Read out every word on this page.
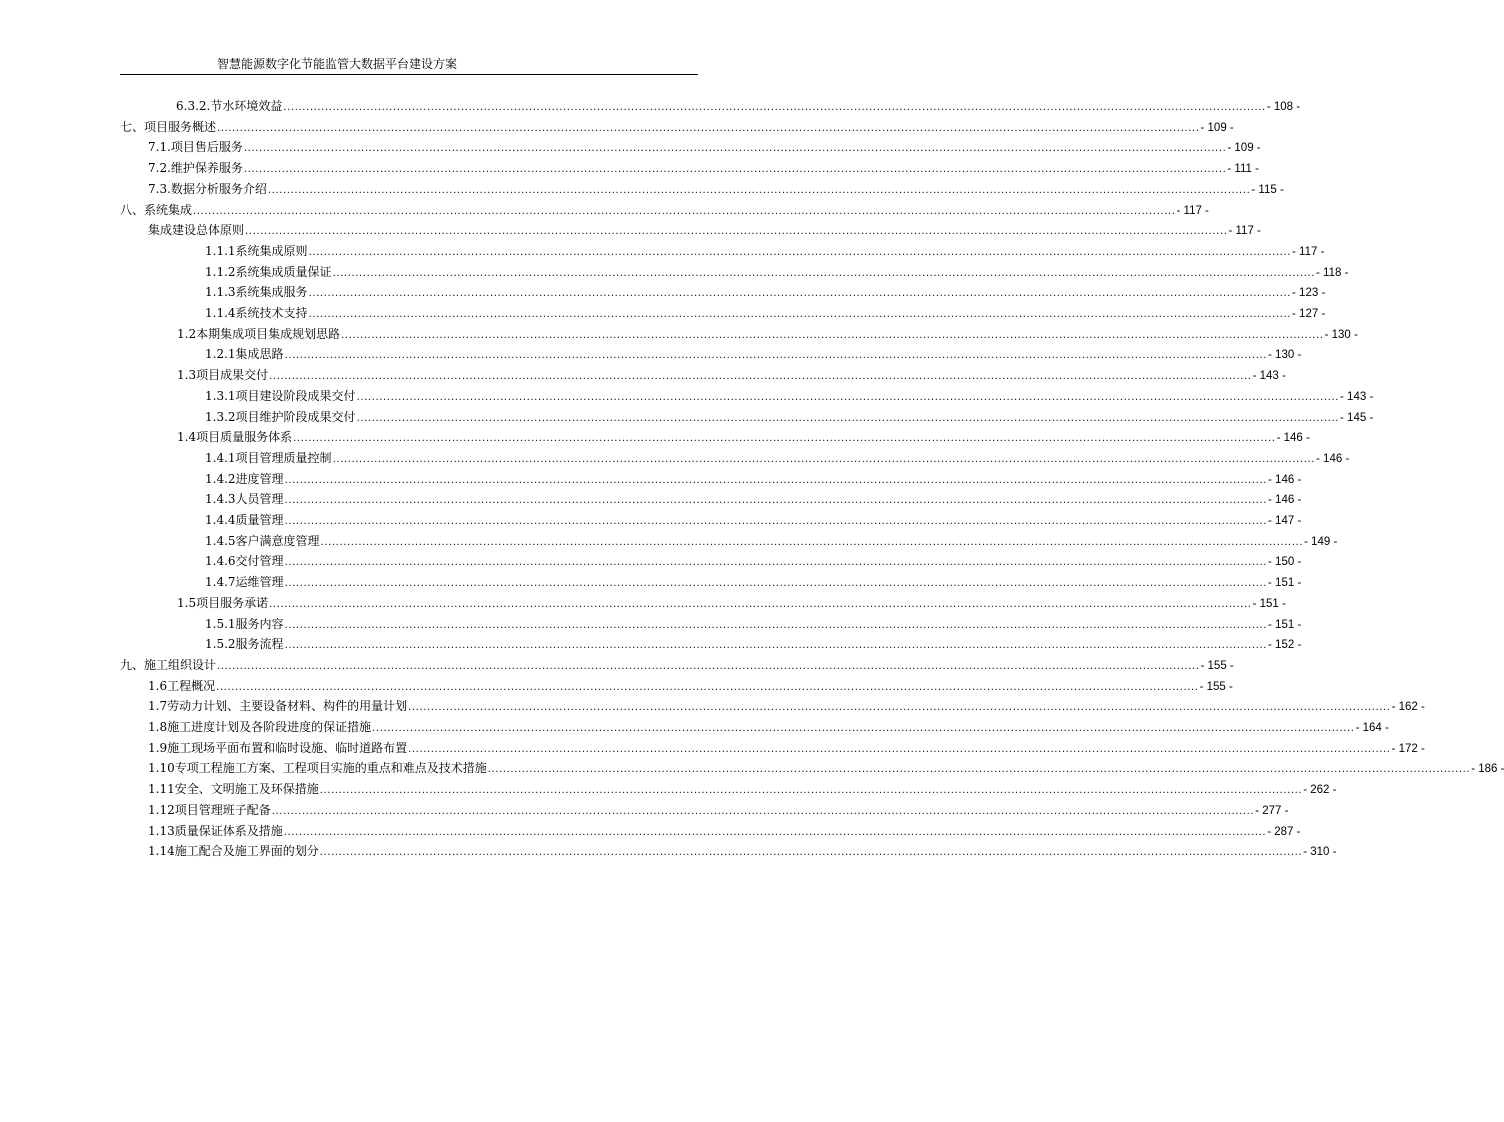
智慧能源数字化节能监管大数据平台建设方案
6.3.2. 节水环境效益 .................................................................................................................................................................................................................................................................... - 108 -
七、 项目服务概述 .................................................................................................................................................................................................................................................................... - 109 -
7.1. 项目售后服务 .................................................................................................................................................................................................................................................................... - 109 -
7.2. 维护保养服务 .................................................................................................................................................................................................................................................................... - 111 -
7.3. 数据分析服务介绍 .................................................................................................................................................................................................................................................................... - 115 -
八、 系统集成 .................................................................................................................................................................................................................................................................... - 117 -
集成建设总体原则 .................................................................................................................................................................................................................................................................... - 117 -
1.1.1 系统集成原则 .................................................................................................................................................................................................................................................................... - 117 -
1.1.2 系统集成质量保证 .................................................................................................................................................................................................................................................................... - 118 -
1.1.3 系统集成服务 .................................................................................................................................................................................................................................................................... - 123 -
1.1.4 系统技术支持 .................................................................................................................................................................................................................................................................... - 127 -
1.2 本期集成项目集成规划思路 .................................................................................................................................................................................................................................................................... - 130 -
1.2.1 集成思路 .................................................................................................................................................................................................................................................................... - 130 -
1.3 项目成果交付 .................................................................................................................................................................................................................................................................... - 143 -
1.3.1 项目建设阶段成果交付 .................................................................................................................................................................................................................................................................... - 143 -
1.3.2 项目维护阶段成果交付 .................................................................................................................................................................................................................................................................... - 145 -
1.4 项目质量服务体系 .................................................................................................................................................................................................................................................................... - 146 -
1.4.1 项目管理质量控制 .................................................................................................................................................................................................................................................................... - 146 -
1.4.2 进度管理 .................................................................................................................................................................................................................................................................... - 146 -
1.4.3 人员管理 .................................................................................................................................................................................................................................................................... - 146 -
1.4.4 质量管理 .................................................................................................................................................................................................................................................................... - 147 -
1.4.5 客户满意度管理 .................................................................................................................................................................................................................................................................... - 149 -
1.4.6 交付管理 .................................................................................................................................................................................................................................................................... - 150 -
1.4.7 运维管理 .................................................................................................................................................................................................................................................................... - 151 -
1.5 项目服务承诺 .................................................................................................................................................................................................................................................................... - 151 -
1.5.1 服务内容 .................................................................................................................................................................................................................................................................... - 151 -
1.5.2 服务流程 .................................................................................................................................................................................................................................................................... - 152 -
九、 施工组织设计 .................................................................................................................................................................................................................................................................... - 155 -
1.6 工程概况 .................................................................................................................................................................................................................................................................... - 155 -
1.7 劳动力计划、主要设备材料、构件的用量计划 .................................................................................................................................................................................................................................................................... - 162 -
1.8 施工进度计划及各阶段进度的保证措施 .................................................................................................................................................................................................................................................................... - 164 -
1.9 施工现场平面布置和临时设施、临时道路布置 .................................................................................................................................................................................................................................................................... - 172 -
1.10 专项工程施工方案、工程项目实施的重点和难点及技术措施 .................................................................................................................................................................................................................................................................... - 186 -
1.11 安全、文明施工及环保措施 .................................................................................................................................................................................................................................................................... - 262 -
1.12 项目管理班子配备 .................................................................................................................................................................................................................................................................... - 277 -
1.13 质量保证体系及措施 .................................................................................................................................................................................................................................................................... - 287 -
1.14 施工配合及施工界面的划分 .................................................................................................................................................................................................................................................................... - 310 -
